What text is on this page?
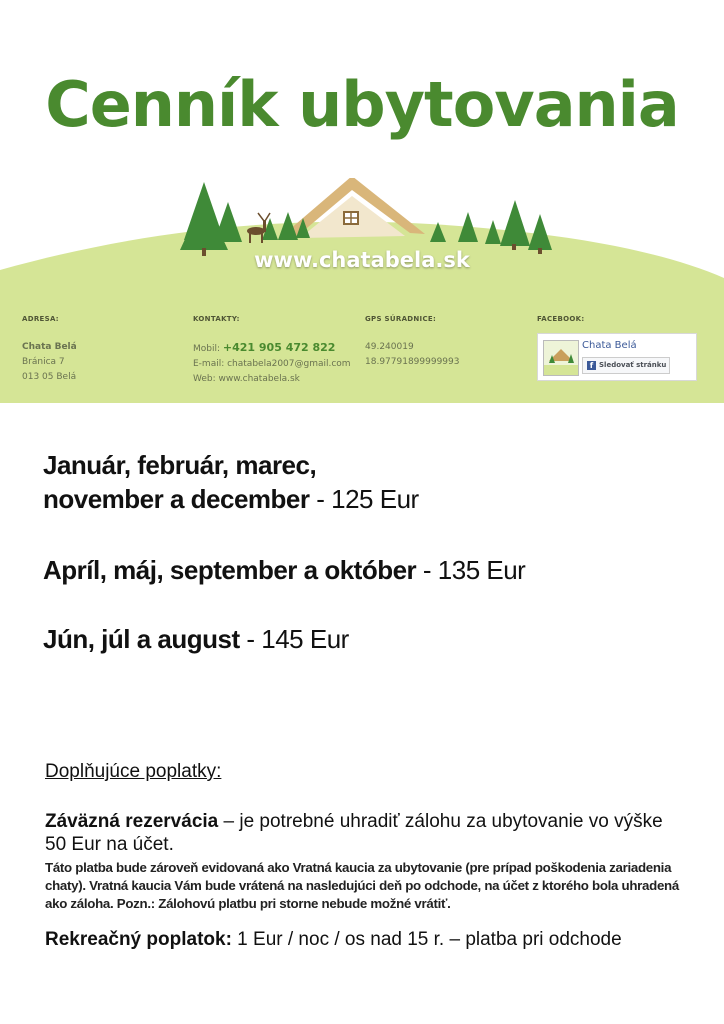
Cenník ubytovania
www.chatabela.sk
ADRESA:
Chata Belá
Bránica 7
013 05 Belá
KONTAKTY:
Mobil: +421 905 472 822
E-mail: chatabela2007@gmail.com
Web: www.chatabela.sk
GPS SÚRADNICE:
49.240019
18.97791899999993
FACEBOOK:
Chata Belá
f Sledovať stránku
Január, február, marec,
november a december - 125 Eur
Apríl, máj, september a október - 135 Eur
Jún, júl a august - 145 Eur
Doplňujúce poplatky:
Záväzná rezervácia – je potrebné uhradiť zálohu za ubytovanie vo výške 50 Eur na účet.
Táto platba bude zároveň evidovaná ako Vratná kaucia za ubytovanie (pre prípad poškodenia zariadenia chaty). Vratná kaucia Vám bude vrátená na nasledujúci deň po odchode, na účet z ktorého bola uhradená ako záloha. Pozn.: Zálohovú platbu pri storne nebude možné vrátiť.
Rekreačný poplatok: 1 Eur / noc / os nad 15 r. – platba pri odchode
